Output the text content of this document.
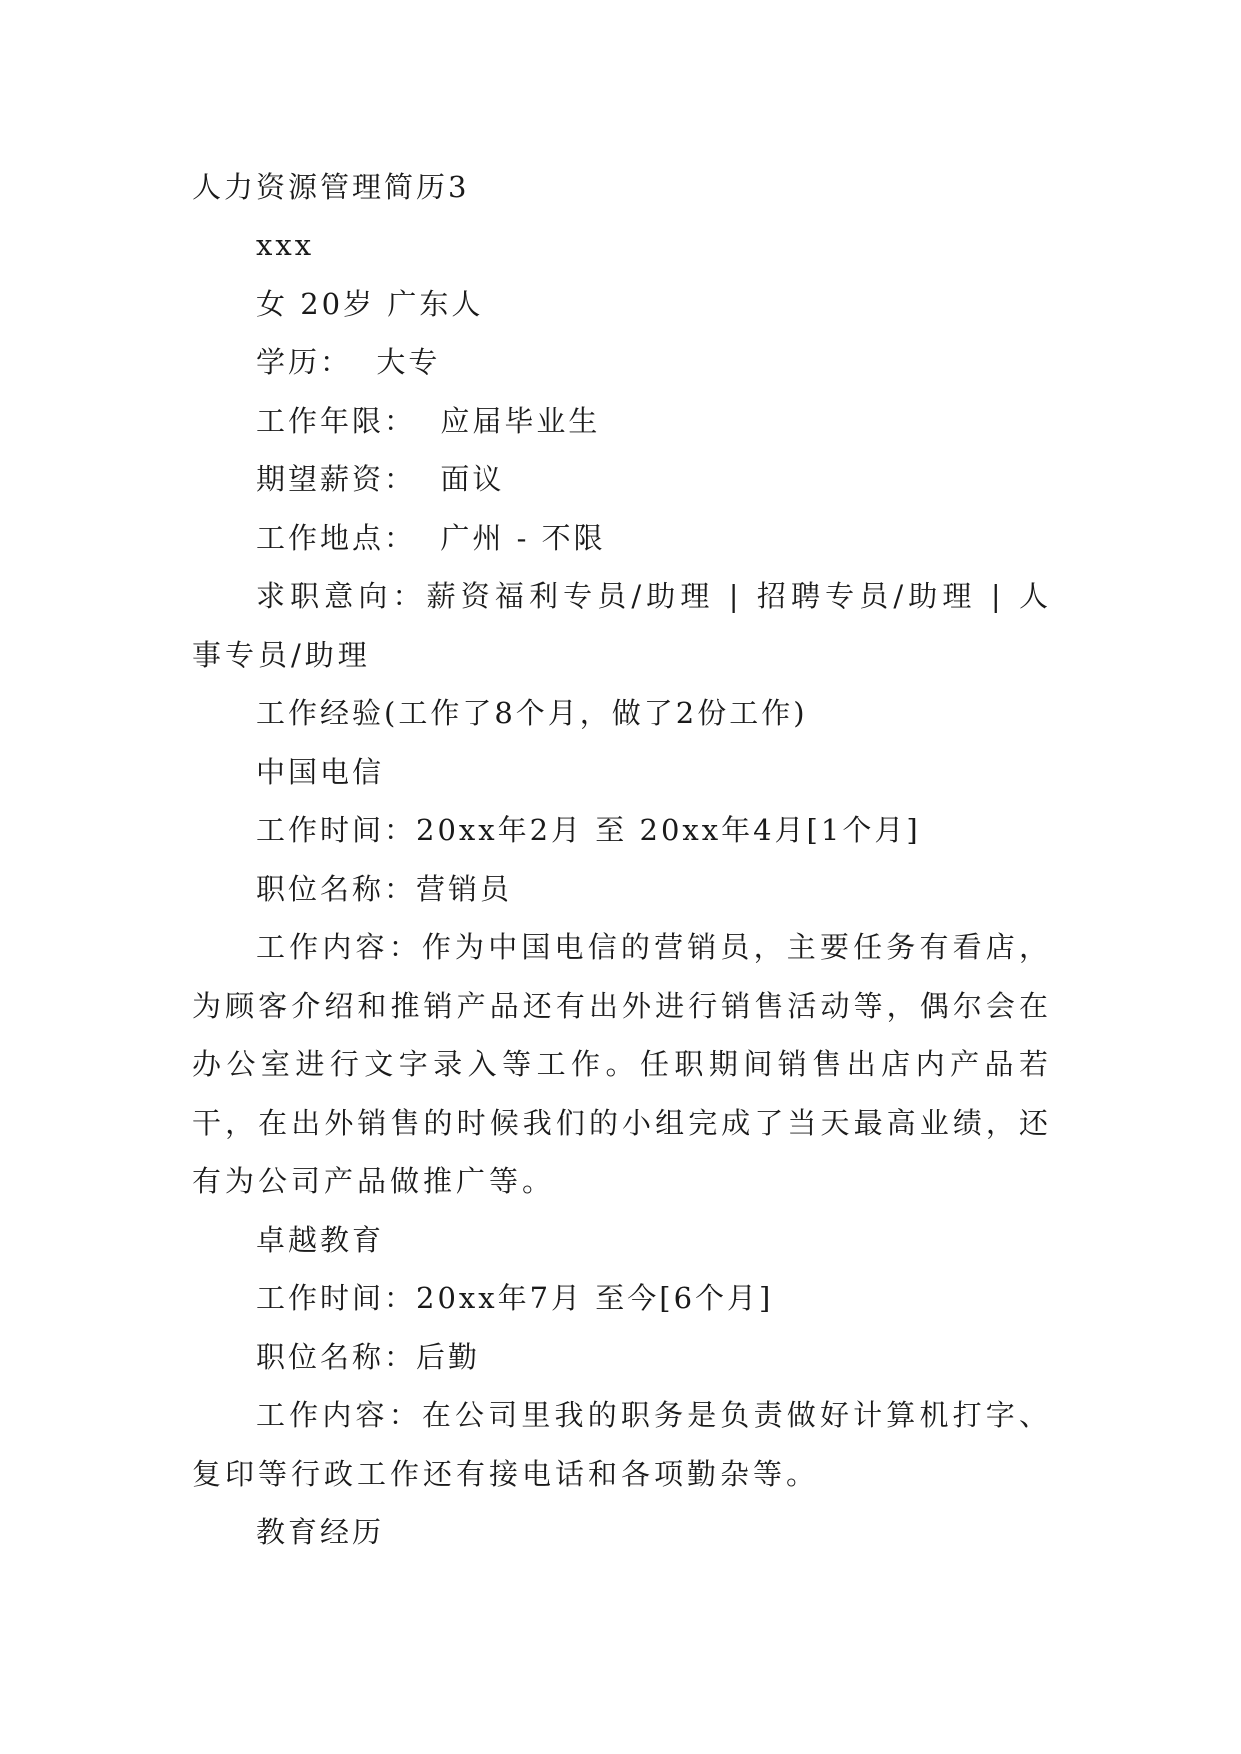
人力资源管理简历3

xxx

女 20岁 广东人

学历：  大专

工作年限：  应届毕业生

期望薪资：  面议

工作地点：  广州 - 不限

求职意向：薪资福利专员/助理 | 招聘专员/助理 | 人事专员/助理

工作经验(工作了8个月，做了2份工作)

中国电信

工作时间：20xx年2月 至 20xx年4月[1个月]

职位名称：营销员

工作内容：作为中国电信的营销员，主要任务有看店，为顾客介绍和推销产品还有出外进行销售活动等，偶尔会在办公室进行文字录入等工作。任职期间销售出店内产品若干，在出外销售的时候我们的小组完成了当天最高业绩，还有为公司产品做推广等。

卓越教育

工作时间：20xx年7月 至今[6个月]

职位名称：后勤

工作内容：在公司里我的职务是负责做好计算机打字、复印等行政工作还有接电话和各项勤杂等。

教育经历
